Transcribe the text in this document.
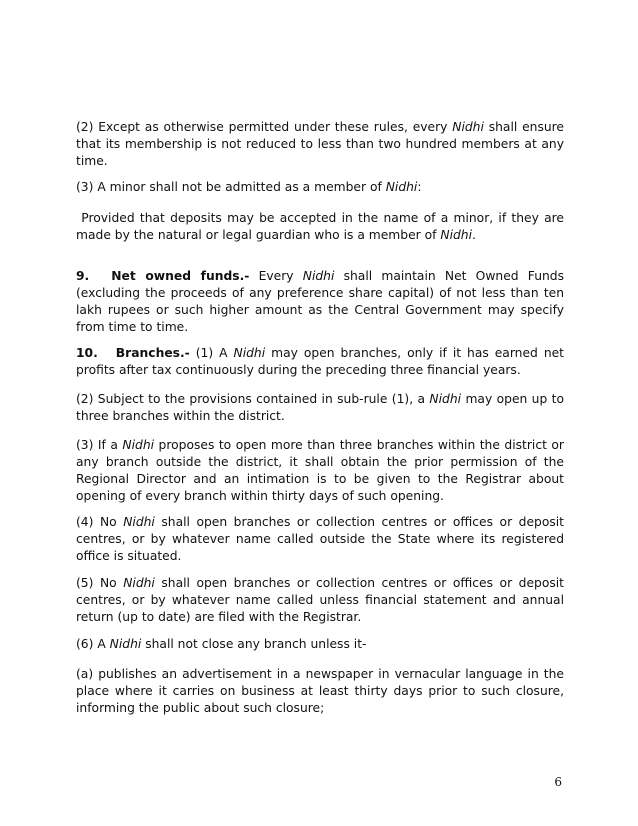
(2) Except as otherwise permitted under these rules, every Nidhi shall ensure that its membership is not reduced to less than two hundred members at any time.

(3) A minor shall not be admitted as a member of Nidhi:

Provided that deposits may be accepted in the name of a minor, if they are made by the natural or legal guardian who is a member of Nidhi.

9. Net owned funds.- Every Nidhi shall maintain Net Owned Funds (excluding the proceeds of any preference share capital) of not less than ten lakh rupees or such higher amount as the Central Government may specify from time to time.

10. Branches.- (1) A Nidhi may open branches, only if it has earned net profits after tax continuously during the preceding three financial years.

(2) Subject to the provisions contained in sub-rule (1), a Nidhi may open up to three branches within the district.

(3) If a Nidhi proposes to open more than three branches within the district or any branch outside the district, it shall obtain the prior permission of the Regional Director and an intimation is to be given to the Registrar about opening of every branch within thirty days of such opening.

(4) No Nidhi shall open branches or collection centres or offices or deposit centres, or by whatever name called outside the State where its registered office is situated.

(5) No Nidhi shall open branches or collection centres or offices or deposit centres, or by whatever name called unless financial statement and annual return (up to date) are filed with the Registrar.

(6) A Nidhi shall not close any branch unless it-

(a) publishes an advertisement in a newspaper in vernacular language in the place where it carries on business at least thirty days prior to such closure, informing the public about such closure;

6
